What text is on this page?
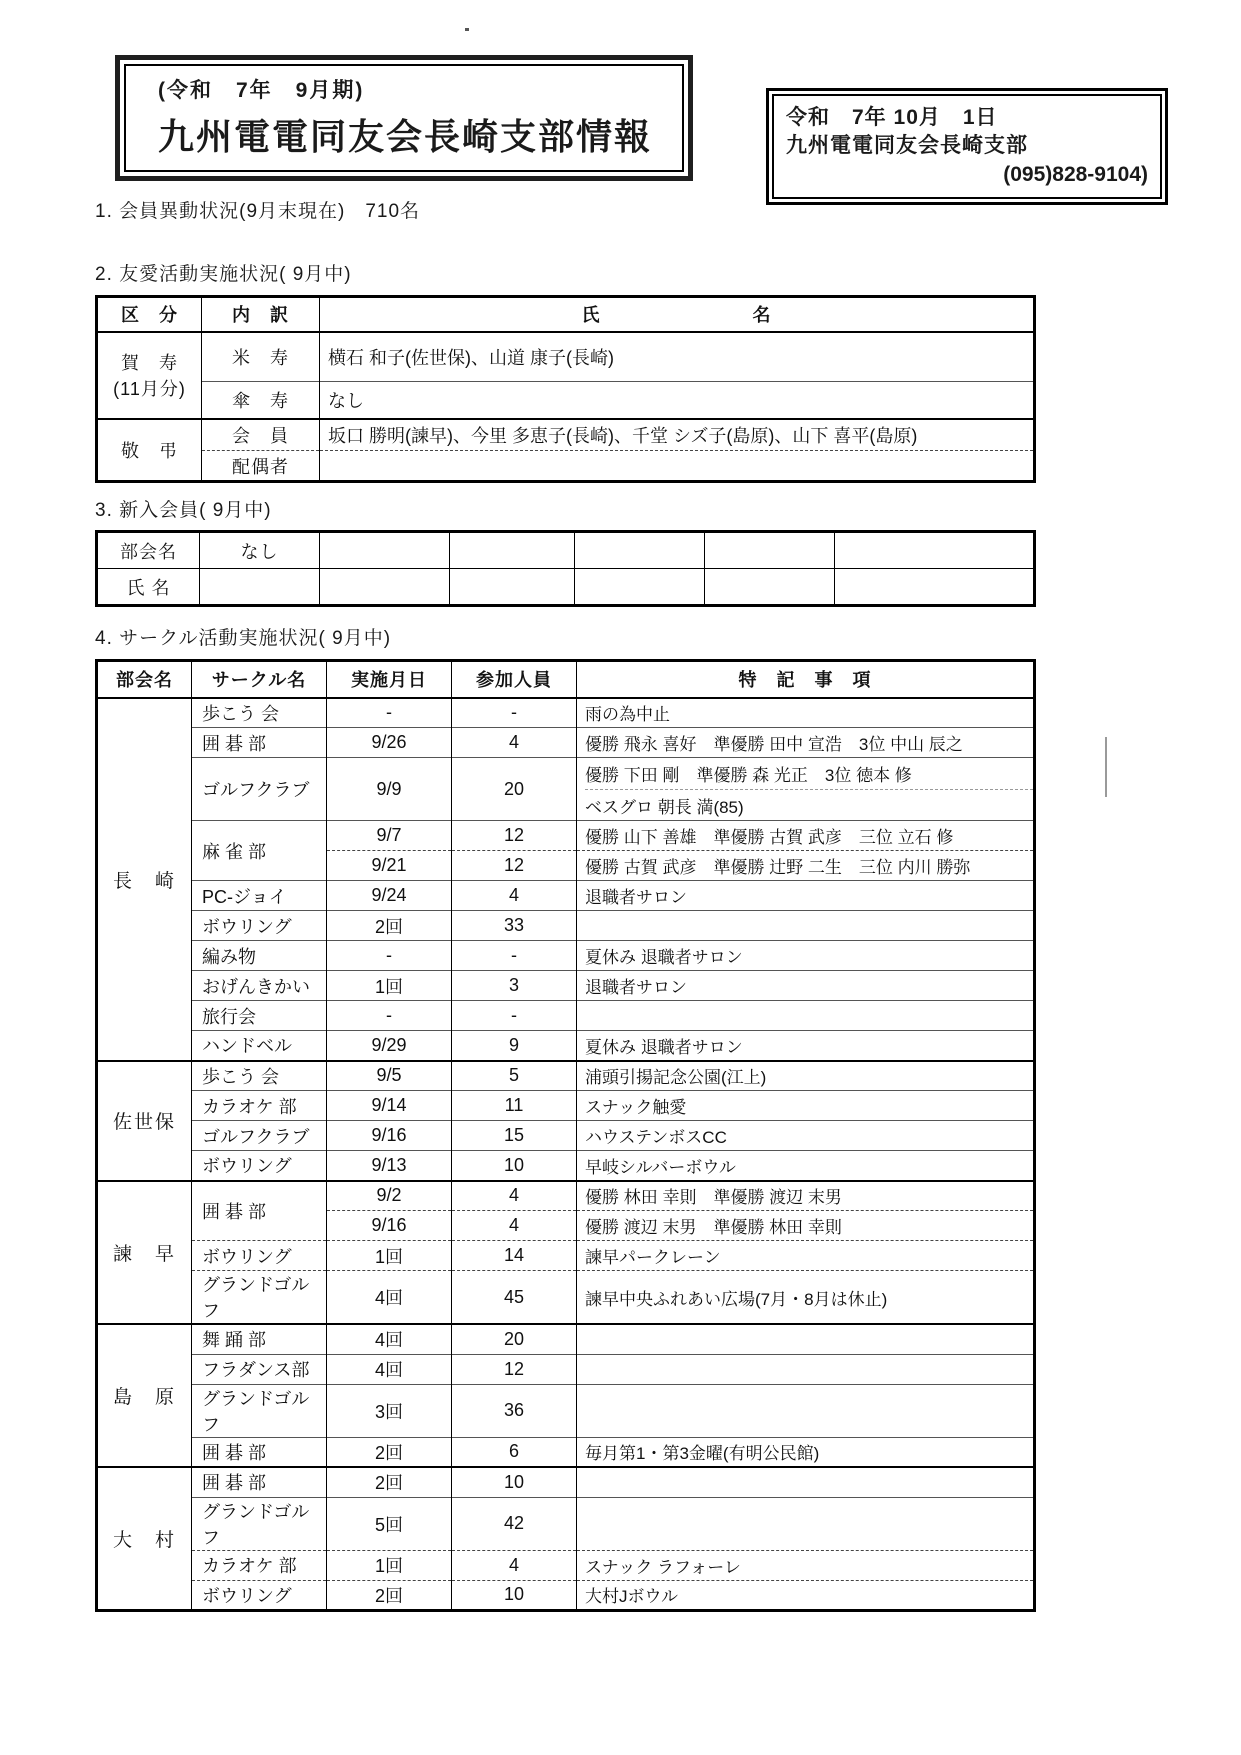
(令和　7年　9月期)
九州電電同友会長崎支部情報	令和　7年 10月　1日
九州電電同友会長崎支部
(095)828-9104)
1. 会員異動状況(9月末現在)　710名
2. 友愛活動実施状況( 9月中)
区　分	内　訳	氏　　　　　　　　名

賀　寿
(11月分)	米　寿	横石 和子(佐世保)、山道 康子(長崎)
	傘　寿	なし
敬　弔	会　員	坂口 勝明(諫早)、今里 多恵子(長崎)、千堂 シズ子(島原)、山下 喜平(島原)
	配偶者	
3. 新入会員( 9月中)
部会名	なし					
氏 名						
4. サークル活動実施状況( 9月中)
部会名	サークル名	実施月日	参加人員	特　記　事　項
長　崎	歩こう 会	-	-	雨の為中止

	囲 碁 部	9/26	4	優勝 飛永 喜好　準優勝 田中 宣浩　3位 中山 辰之

	ゴルフクラブ	9/9	20	優勝 下田 剛　準優勝 森 光正　3位 徳本 修
ベスグロ 朝長 満(85)

	麻 雀 部	9/7	12	優勝 山下 善雄　準優勝 古賀 武彦　三位 立石 修

		9/21	12	優勝 古賀 武彦　準優勝 辻野 二生　三位 内川 勝弥

	PC-ジョイ	9/24	4	退職者サロン

	ボウリング	2回	33	
	編み物	-	-	夏休み 退職者サロン

	おげんきかい	1回	3	退職者サロン

	旅行会	-	-	
	ハンドベル	9/29	9	夏休み 退職者サロン

佐世保	歩こう 会	9/5	5	浦頭引揚記念公園(江上)

	カラオケ 部	9/14	11	スナック触愛

	ゴルフクラブ	9/16	15	ハウステンボスCC

	ボウリング	9/13	10	早岐シルバーボウル

諫　早	囲 碁 部	9/2	4	優勝 林田 幸則　準優勝 渡辺 末男

		9/16	4	優勝 渡辺 末男　準優勝 林田 幸則

	ボウリング	1回	14	諫早パークレーン

	グランドゴルフ	4回	45	諫早中央ふれあい広場(7月・8月は休止)

島　原	舞 踊 部	4回	20	
	フラダンス部	4回	12	
	グランドゴルフ	3回	36	
	囲 碁 部	2回	6	毎月第1・第3金曜(有明公民館)

大　村	囲 碁 部	2回	10	
	グランドゴルフ	5回	42	
	カラオケ 部	1回	4	スナック ラフォーレ

	ボウリング	2回	10	大村Jボウル
